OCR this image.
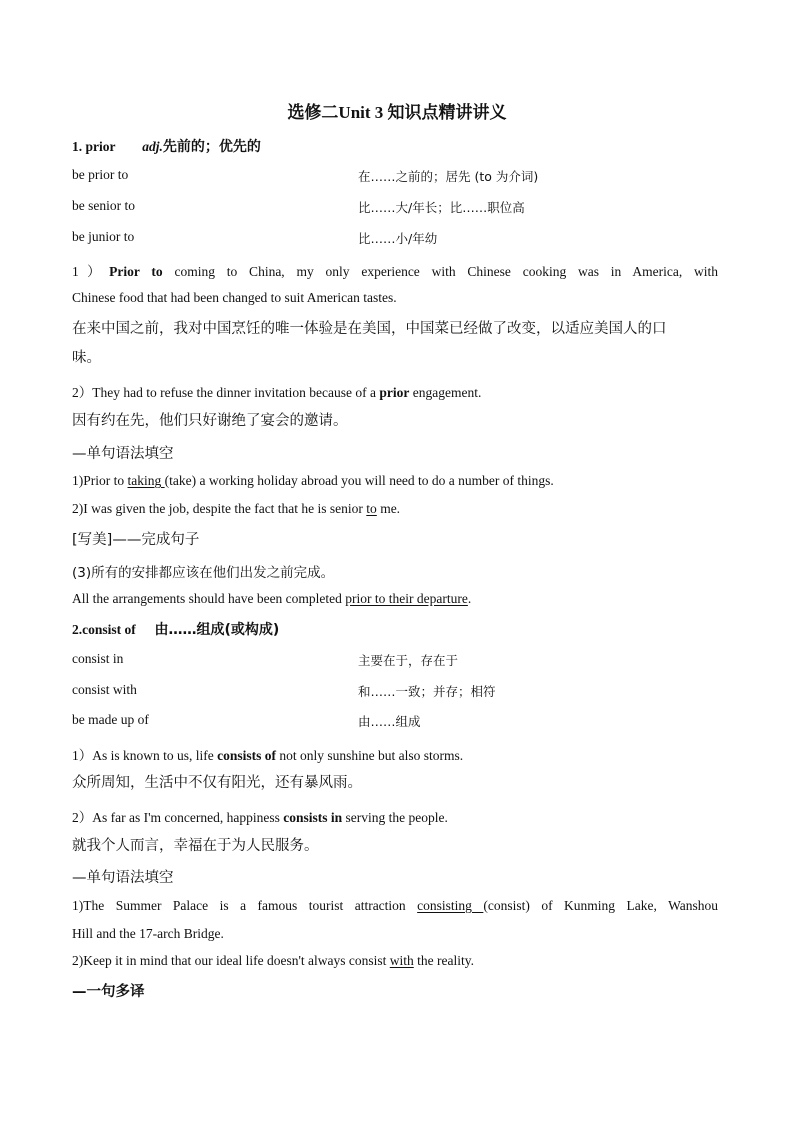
选修二Unit 3 知识点精讲讲义
1. prior adj.先前的；优先的
be prior to	在……之前的；居先 (to 为介词)
be senior to	比……大/年长；比……职位高
be junior to	比……小/年幼
1）Prior to coming to China, my only experience with Chinese cooking was in America, with
Chinese food that had been changed to suit American tastes.
在来中国之前，我对中国烹饪的唯一体验是在美国，中国菜已经做了改变，以适应美国人的口
味。
2）They had to refuse the dinner invitation because of a prior engagement.
因有约在先，他们只好谢绝了宴会的邀请。
—单句语法填空
1)Prior to taking (take) a working holiday abroad you will need to do a number of things.
2)I was given the job, despite the fact that he is senior to me.
[写美]——完成句子
(3)所有的安排都应该在他们出发之前完成。
All the arrangements should have been completed prior to their departure.
2.consist of 由……组成(或构成)
consist in	主要在于，存在于
consist with	和……一致；并存；相符
be made up of	由……组成
1）As is known to us, life consists of not only sunshine but also storms.
众所周知，生活中不仅有阳光，还有暴风雨。
2）As far as I'm concerned, happiness consists in serving the people.
就我个人而言，幸福在于为人民服务。
—单句语法填空
1)The Summer Palace is a famous tourist attraction consisting (consist) of Kunming Lake, Wanshou
Hill and the 17-arch Bridge.
2)Keep it in mind that our ideal life doesn't always consist with the reality.
—一句多译
